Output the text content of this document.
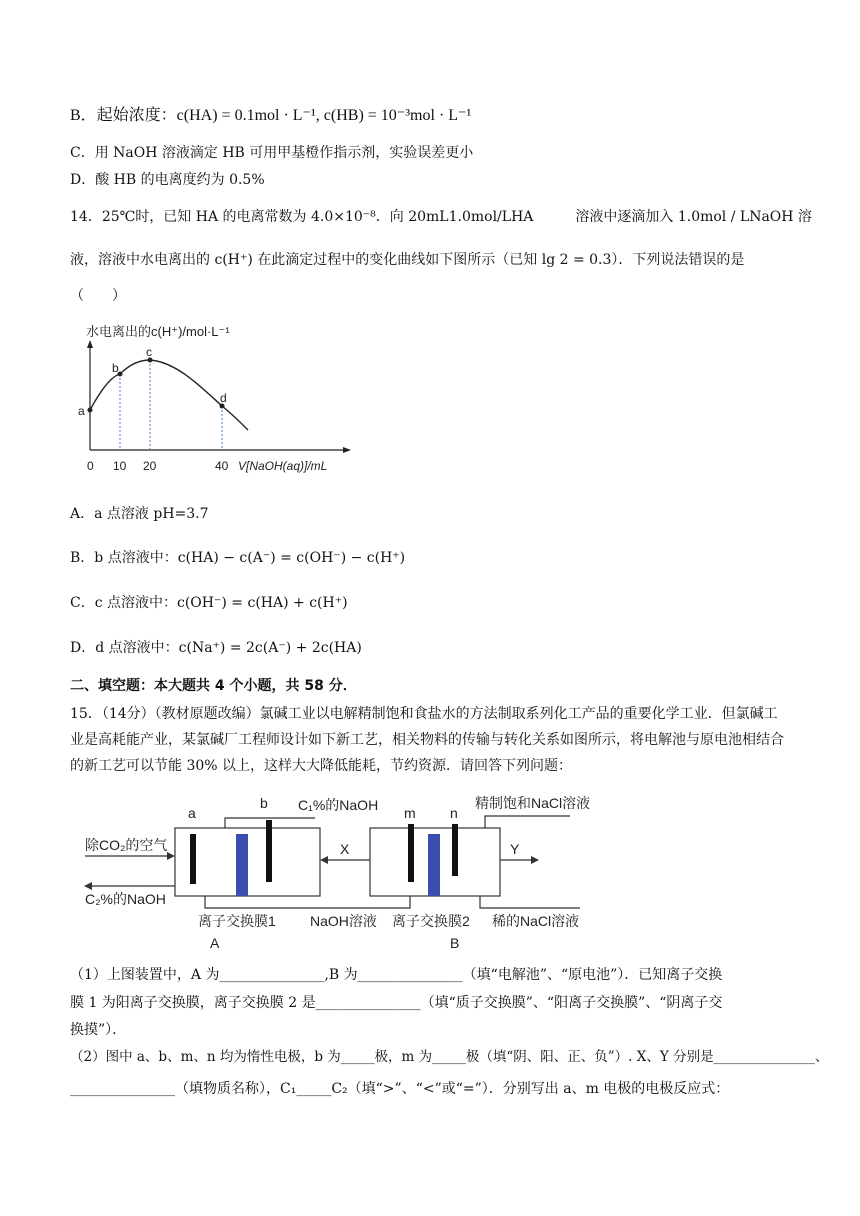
B．起始浓度：c(HA) = 0.1mol · L⁻¹, c(HB) = 10⁻³mol · L⁻¹
C．用 NaOH 溶液滴定 HB 可用甲基橙作指示剂，实验误差更小
D．酸 HB 的电离度约为 0.5%
14．25℃时，已知 HA 的电离常数为 4.0×10⁻⁸．向 20mL1.0mol/LHA　　　溶液中逐滴加入 1.0mol / LNaOH 溶
液，溶液中水电离出的 c(H⁺) 在此滴定过程中的变化曲线如下图所示（已知 lg 2 = 0.3）．下列说法错误的是
（　　）
水电离出的c(H⁺)/mol·L⁻¹
a
b
c
d
0 10 20	40 V[NaOH(aq)]/mL
A．a 点溶液 pH=3.7
B．b 点溶液中：c(HA) − c(A⁻) = c(OH⁻) − c(H⁺)
C．c 点溶液中：c(OH⁻) = c(HA) + c(H⁺)
D．d 点溶液中：c(Na⁺) = 2c(A⁻) + 2c(HA)
二、填空题：本大题共 4 个小题，共 58 分．
15．（14分）（教材原题改编）氯碱工业以电解精制饱和食盐水的方法制取系列化工产品的重要化学工业．但氯碱工业是高耗能产业，某氯碱厂工程师设计如下新工艺，相关物料的传输与转化关系如图所示，将电解池与原电池相结合的新工艺可以节能 30% 以上，这样大大降低能耗，节约资源．请回答下列问题：
a
b C₁%的NaOH m n
精制饱和NaCl溶液
X	Y
除CO₂的空气
C₂%的NaOH
离子交换膜1 NaOH溶液 离子交换膜2 稀的NaCl溶液
A	B
（1）上图装置中，A 为_______________,B 为_______________（填“电解池”、“原电池”）．已知离子交换
膜 1 为阳离子交换膜，离子交换膜 2 是_______________（填“质子交换膜”、“阳离子交换膜”、“阴离子交
换摸”）．
（2）图中 a、b、m、n 均为惰性电极，b 为_____极，m 为_____极（填“阴、阳、正、负”）. X、Y 分别是_______________、
_______________（填物质名称），C₁_____C₂（填“>”、“<”或“=”）．分别写出 a、m 电极的电极反应式：
